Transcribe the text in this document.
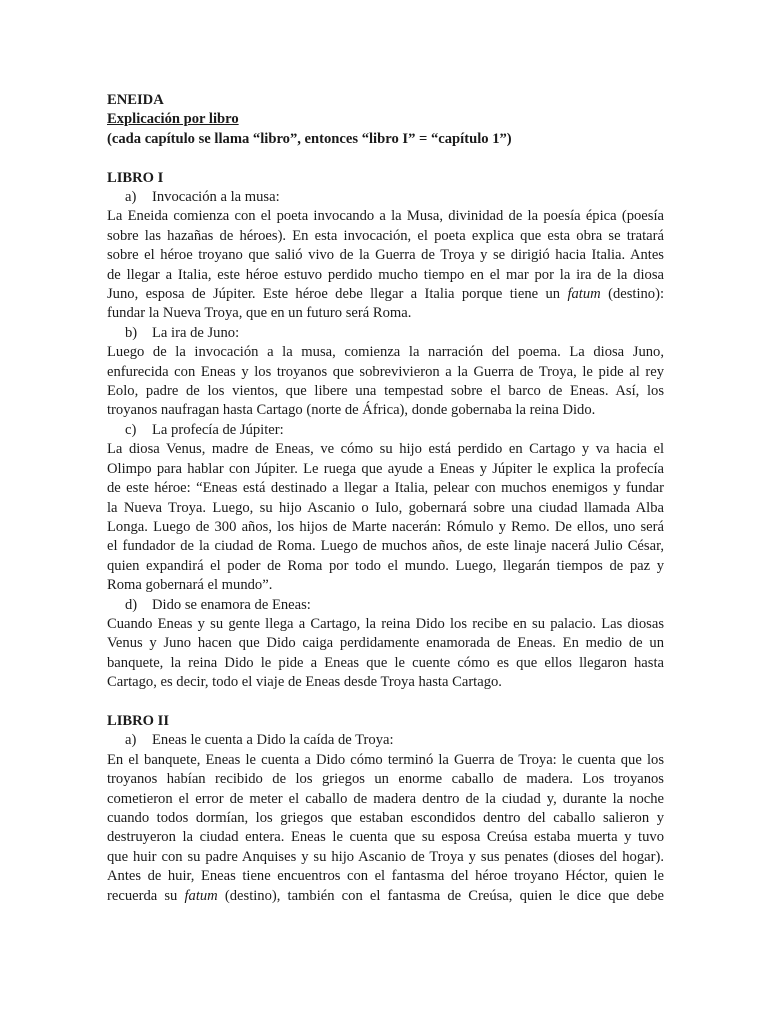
ENEIDA
Explicación por libro
(cada capítulo se llama “libro”, entonces “libro I” = “capítulo 1”)
LIBRO I
a) Invocación a la musa:
La Eneida comienza con el poeta invocando a la Musa, divinidad de la poesía épica (poesía
sobre las hazañas de héroes). En esta invocación, el poeta explica que esta obra se tratará
sobre el héroe troyano que salió vivo de la Guerra de Troya y se dirigió hacia Italia. Antes
de llegar a Italia, este héroe estuvo perdido mucho tiempo en el mar por la ira de la diosa
Juno, esposa de Júpiter. Este héroe debe llegar a Italia porque tiene un fatum (destino):
fundar la Nueva Troya, que en un futuro será Roma.
b) La ira de Juno:
Luego de la invocación a la musa, comienza la narración del poema. La diosa Juno,
enfurecida con Eneas y los troyanos que sobrevivieron a la Guerra de Troya, le pide al rey
Eolo, padre de los vientos, que libere una tempestad sobre el barco de Eneas. Así, los
troyanos naufragan hasta Cartago (norte de África), donde gobernaba la reina Dido.
c) La profecía de Júpiter:
La diosa Venus, madre de Eneas, ve cómo su hijo está perdido en Cartago y va hacia el
Olimpo para hablar con Júpiter. Le ruega que ayude a Eneas y Júpiter le explica la profecía
de este héroe: “Eneas está destinado a llegar a Italia, pelear con muchos enemigos y fundar
la Nueva Troya. Luego, su hijo Ascanio o Iulo, gobernará sobre una ciudad llamada Alba
Longa. Luego de 300 años, los hijos de Marte nacerán: Rómulo y Remo. De ellos, uno será
el fundador de la ciudad de Roma. Luego de muchos años, de este linaje nacerá Julio César,
quien expandirá el poder de Roma por todo el mundo. Luego, llegarán tiempos de paz y
Roma gobernará el mundo”.
d) Dido se enamora de Eneas:
Cuando Eneas y su gente llega a Cartago, la reina Dido los recibe en su palacio. Las diosas
Venus y Juno hacen que Dido caiga perdidamente enamorada de Eneas. En medio de un
banquete, la reina Dido le pide a Eneas que le cuente cómo es que ellos llegaron hasta
Cartago, es decir, todo el viaje de Eneas desde Troya hasta Cartago.
LIBRO II
a) Eneas le cuenta a Dido la caída de Troya:
En el banquete, Eneas le cuenta a Dido cómo terminó la Guerra de Troya: le cuenta que los
troyanos habían recibido de los griegos un enorme caballo de madera. Los troyanos
cometieron el error de meter el caballo de madera dentro de la ciudad y, durante la noche
cuando todos dormían, los griegos que estaban escondidos dentro del caballo salieron y
destruyeron la ciudad entera. Eneas le cuenta que su esposa Creúsa estaba muerta y tuvo
que huir con su padre Anquises y su hijo Ascanio de Troya y sus penates (dioses del hogar).
Antes de huir, Eneas tiene encuentros con el fantasma del héroe troyano Héctor, quien le
recuerda su fatum (destino), también con el fantasma de Creúsa, quien le dice que debe
